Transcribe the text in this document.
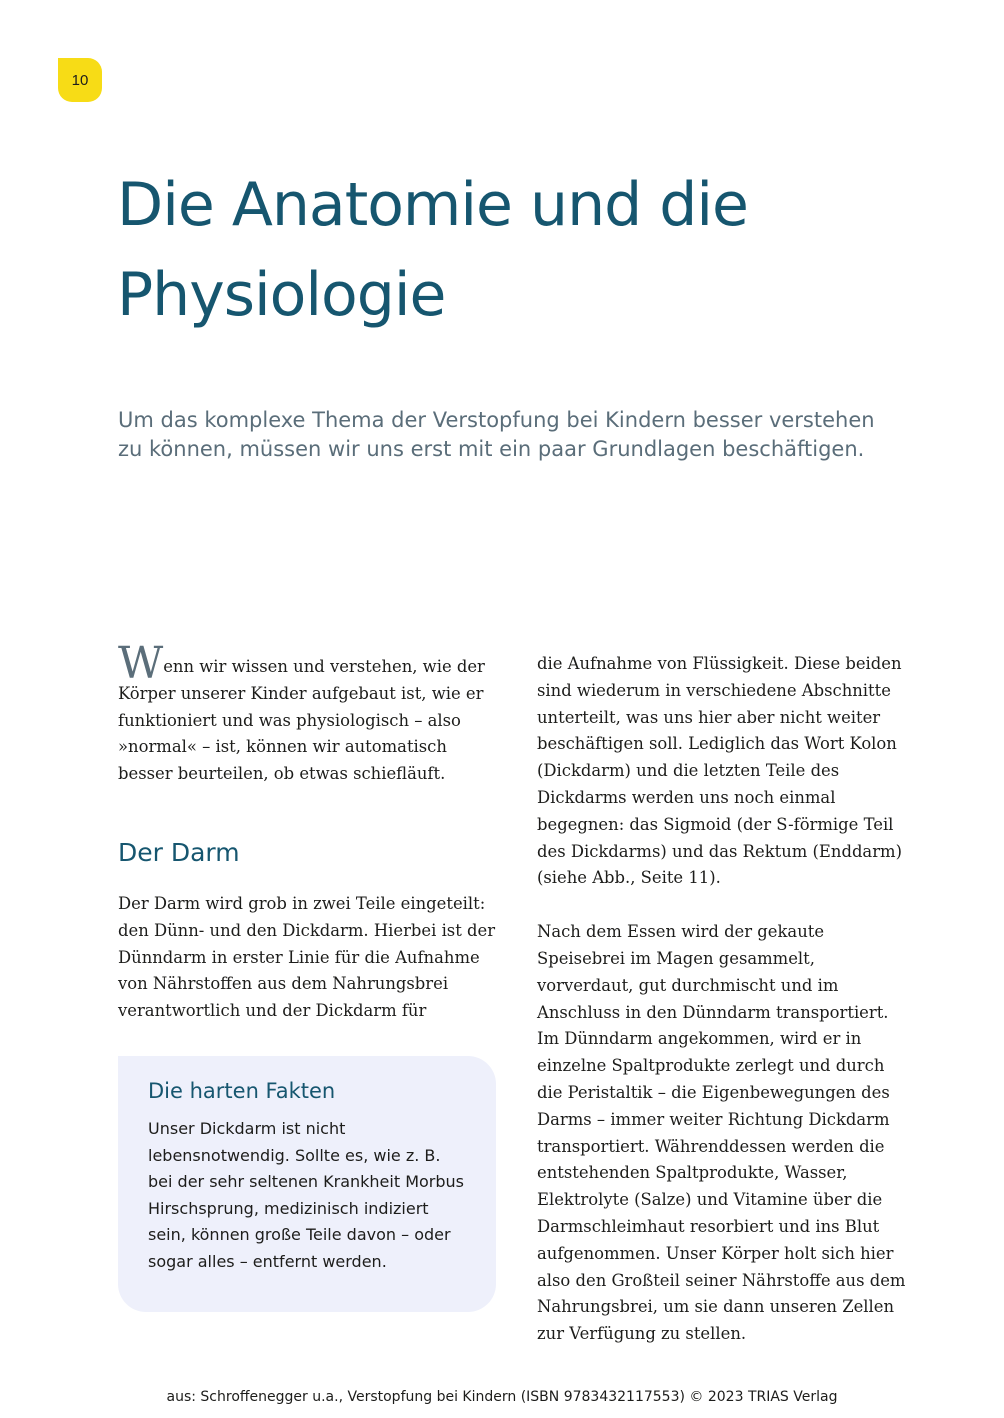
10
Die Anatomie und die Physiologie

Um das komplexe Thema der Verstopfung bei Kindern besser verstehen zu können, müssen wir uns erst mit ein paar Grundlagen beschäftigen.

Wenn wir wissen und verstehen, wie der Körper unserer Kinder aufgebaut ist, wie er funktioniert und was physiologisch – also »normal« – ist, können wir automatisch besser beurteilen, ob etwas schiefläuft.

Der Darm

Der Darm wird grob in zwei Teile eingeteilt: den Dünn- und den Dickdarm. Hierbei ist der Dünndarm in erster Linie für die Aufnahme von Nährstoffen aus dem Nahrungsbrei verantwortlich und der Dickdarm für

Die harten Fakten

Unser Dickdarm ist nicht lebensnotwendig. Sollte es, wie z. B. bei der sehr seltenen Krankheit Morbus Hirschsprung, medizinisch indiziert sein, können große Teile davon – oder sogar alles – entfernt werden.

die Aufnahme von Flüssigkeit. Diese beiden sind wiederum in verschiedene Abschnitte unterteilt, was uns hier aber nicht weiter beschäftigen soll. Lediglich das Wort Kolon (Dickdarm) und die letzten Teile des Dickdarms werden uns noch einmal begegnen: das Sigmoid (der S-förmige Teil des Dickdarms) und das Rektum (Enddarm) (siehe Abb., Seite 11).

Nach dem Essen wird der gekaute Speisebrei im Magen gesammelt, vorverdaut, gut durchmischt und im Anschluss in den Dünndarm transportiert. Im Dünndarm angekommen, wird er in einzelne Spaltprodukte zerlegt und durch die Peristaltik – die Eigenbewegungen des Darms – immer weiter Richtung Dickdarm transportiert. Währenddessen werden die entstehenden Spaltprodukte, Wasser, Elektrolyte (Salze) und Vitamine über die Darmschleimhaut resorbiert und ins Blut aufgenommen. Unser Körper holt sich hier also den Großteil seiner Nährstoffe aus dem Nahrungsbrei, um sie dann unseren Zellen zur Verfügung zu stellen.

aus: Schroffenegger u.a., Verstopfung bei Kindern (ISBN 9783432117553) © 2023 TRIAS Verlag
